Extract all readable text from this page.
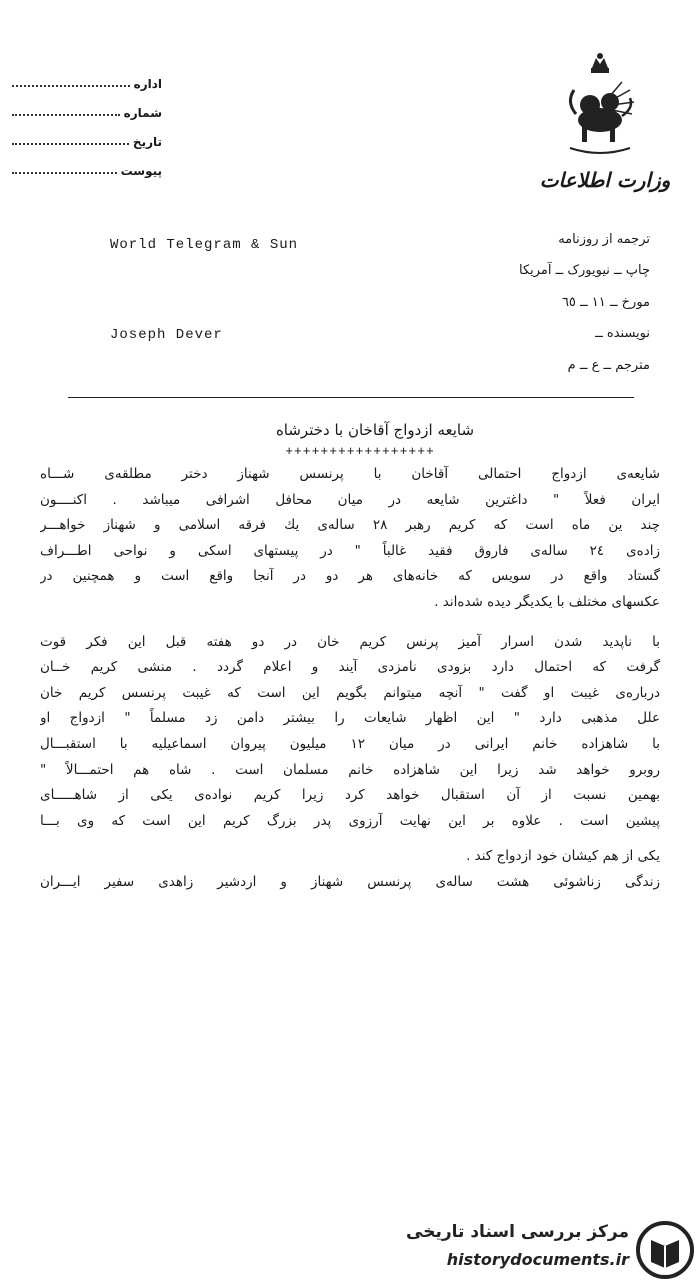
اداره
شماره
تاریخ
پیوست	وزارت اطلاعات
ترجمه از روزنامه
World Telegram & Sun
چاپ ــ نیویورک ــ آمریکا
مورخ ــ ١١ ــ ٦٥
نویسنده ــ
Joseph Dever
مترجم ــ ع ــ م
شایعه ازدواج آقاخان با دخترشاه
+++++++++++++++++
شایعه‌ی ازدواج احتمالی آقاخان با پرنسس شهناز دختر مطلقه‌ی شـــاه
ایران فعلاً " داغترین شایعه در میان محافل اشرافی میباشد . اکنــــون
چند ین ماه است که کریم رهبر ٢٨ ساله‌ی یك فرقه اسلامی و شهناز خواهـــر
زاده‌ی ٢٤ ساله‌ی فاروق فقید غالباً " در پیستهای اسکی و نواحی اطـــراف
گستاد واقع در سویس که خانه‌های هر دو در آنجا واقع است و همچنین در
عکسهای مختلف با یکدیگر دیده شده‌اند .
با ناپدید شدن اسرار آمیز پرنس کریم خان در دو هفته قبل این فکر قوت
گرفت که احتمال دارد بزودی نامزدی آیند و اعلام گردد . منشی کریم خــان
درباره‌ی غیبت او گفت " آنچه میتوانم بگویم این است که غیبت پرنسس کریم خان
علل مذهبی دارد " این اظهار شایعات را بیشتر دامن زد مسلماً " ازدواج او
با شاهزاده خانم ایرانی در میان ١٢ میلیون پیروان اسماعیلیه با استقبـــال
روبرو خواهد شد زیرا این شاهزاده خانم مسلمان است . شاه هم احتمـــالاً "
بهمین نسبت از آن استقبال خواهد کرد زیرا کریم نواده‌ی یکی از شاهـــــای
پیشین است . علاوه بر این نهایت آرزوی پدر بزرگ کریم این است که وی بـــا
یکی از هم کیشان خود ازدواج کند .
زندگی زناشوئی هشت ساله‌ی پرنسس شهناز و اردشیر زاهدی سفیر ایـــران
مرکز بررسی اسناد تاریخی
historydocuments.ir
